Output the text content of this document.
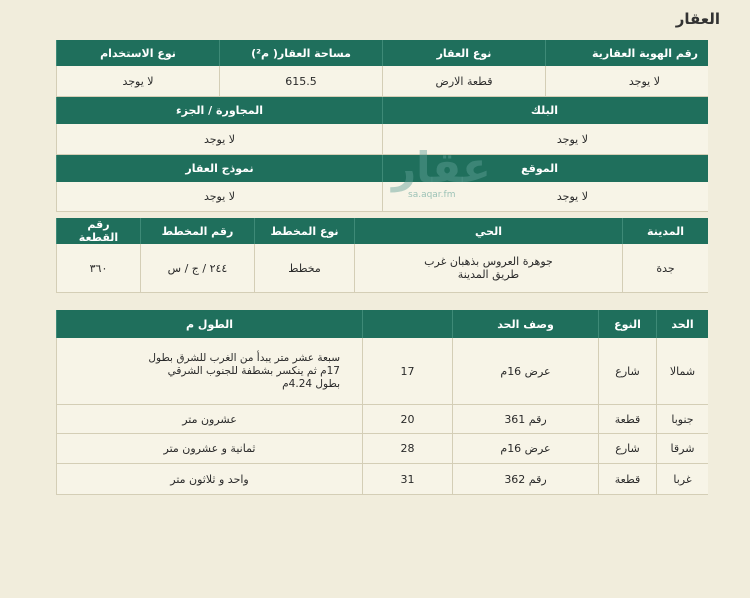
العقار
رقم الهوية العقارية
نوع العقار
مساحة العقار( م²)
نوع الاستخدام
لا يوجد
قطعة الارض
615.5
لا يوجد
البلك
المجاورة / الجزء
لا يوجد
لا يوجد
الموقع
نموذج العقار
لا يوجد
لا يوجد
المدينة
الحي
نوع المخطط
رقم المخطط
رقم القطعة
جدة
جوهرة العروس بذهبان غرب طريق المدينة
مخطط
٢٤٤ / ج / س
٣٦٠
عقار
sa.aqar.fm
الحد
النوع
وصف الحد
الطول م
شمالا
شارع
عرض 16م
17
سبعة عشر متر يبدأ من الغرب للشرق بطول 17م ثم ينكسر بشطفة للجنوب الشرقي بطول 4.24م
جنوبا
قطعة
رقم 361
20
عشرون متر
شرقا
شارع
عرض 16م
28
ثمانية و عشرون متر
غربا
قطعة
رقم 362
31
واحد و ثلاثون متر
